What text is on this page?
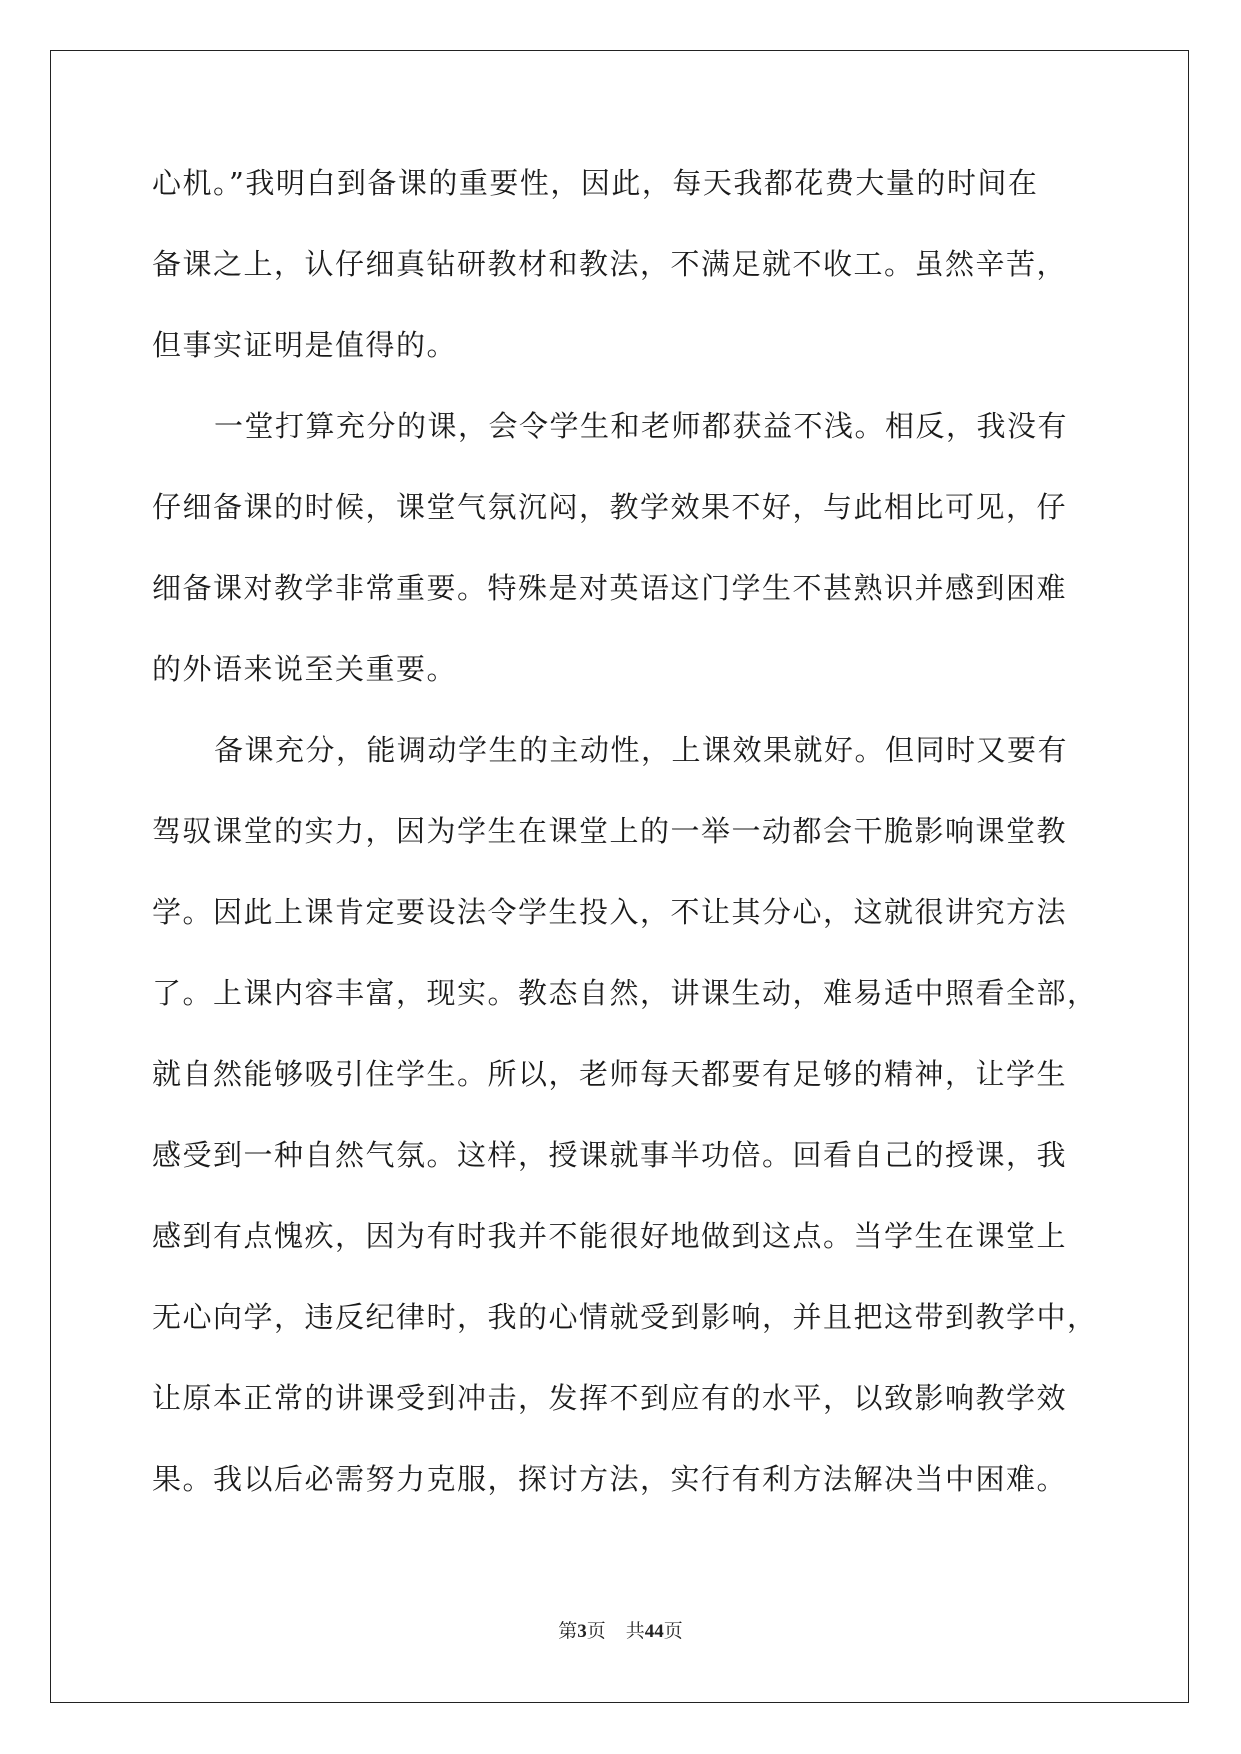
心机。”我明白到备课的重要性，因此，每天我都花费大量的时间在
备课之上，认仔细真钻研教材和教法，不满足就不收工。虽然辛苦，
但事实证明是值得的。
一堂打算充分的课，会令学生和老师都获益不浅。相反，我没有
仔细备课的时候，课堂气氛沉闷，教学效果不好，与此相比可见，仔
细备课对教学非常重要。特殊是对英语这门学生不甚熟识并感到困难
的外语来说至关重要。
备课充分，能调动学生的主动性，上课效果就好。但同时又要有
驾驭课堂的实力，因为学生在课堂上的一举一动都会干脆影响课堂教
学。因此上课肯定要设法令学生投入，不让其分心，这就很讲究方法
了。上课内容丰富，现实。教态自然，讲课生动，难易适中照看全部，
就自然能够吸引住学生。所以，老师每天都要有足够的精神，让学生
感受到一种自然气氛。这样，授课就事半功倍。回看自己的授课，我
感到有点愧疚，因为有时我并不能很好地做到这点。当学生在课堂上
无心向学，违反纪律时，我的心情就受到影响，并且把这带到教学中，
让原本正常的讲课受到冲击，发挥不到应有的水平，以致影响教学效
果。我以后必需努力克服，探讨方法，实行有利方法解决当中困难。
第3页 共44页
